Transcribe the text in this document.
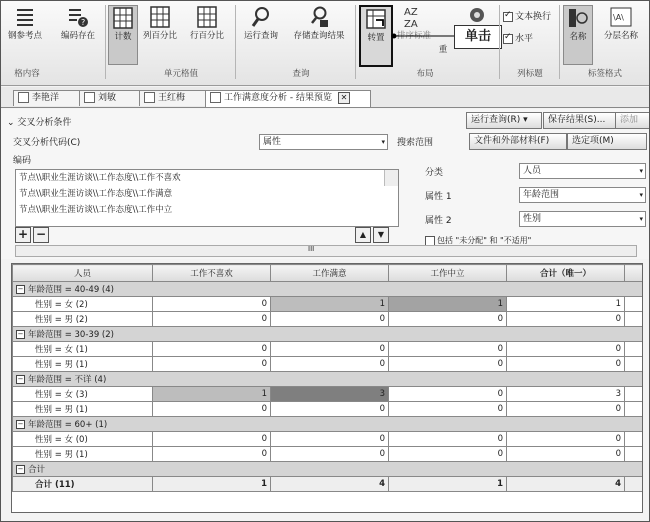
钢参考点
?
编码存在	计数	列百分比	行百分比	运行查询	存储查询结果	转置
AZ
ZA
排序标准
重
单击
✓文本换行
✓水平	名称
\A\
分层名称
格内容	单元格值	查询	布局	列标题	标签格式
李艳洋	刘敏	王红梅	工作满意度分析 - 结果预览 ✕
⌄ 交叉分析条件	运行查询(R) ▾	保存结果(S)...	添加
交叉分析代码(C)	属性	▾ 搜索范围	文件和外部材料(F)	选定项(M)
编码
节点\\职业生涯访谈\\工作态度\\工作不喜欢
节点\\职业生涯访谈\\工作态度\\工作满意
节点\\职业生涯访谈\\工作态度\\工作中立
+ −	▲	▼
分类	人员	▾
属性 1	年龄范围	▾
属性 2	性别	▾
包括 "未分配" 和 "不适用"
III
人员	工作不喜欢	工作满意	工作中立	合计（唯一）	
− 年龄范围 = 40-49 (4)					
性别 = 女 (2)	0	1	1	1	
性别 = 男 (2)	0	0	0	0	
− 年龄范围 = 30-39 (2)					
性别 = 女 (1)	0	0	0	0	
性别 = 男 (1)	0	0	0	0	
− 年龄范围 = 不详 (4)					
性别 = 女 (3)	1	3	0	3	
性别 = 男 (1)	0	0	0	0	
− 年龄范围 = 60+ (1)					
性别 = 女 (0)	0	0	0	0	
性别 = 男 (1)	0	0	0	0	
− 合计					
合计 (11)	1	4	1	4	
